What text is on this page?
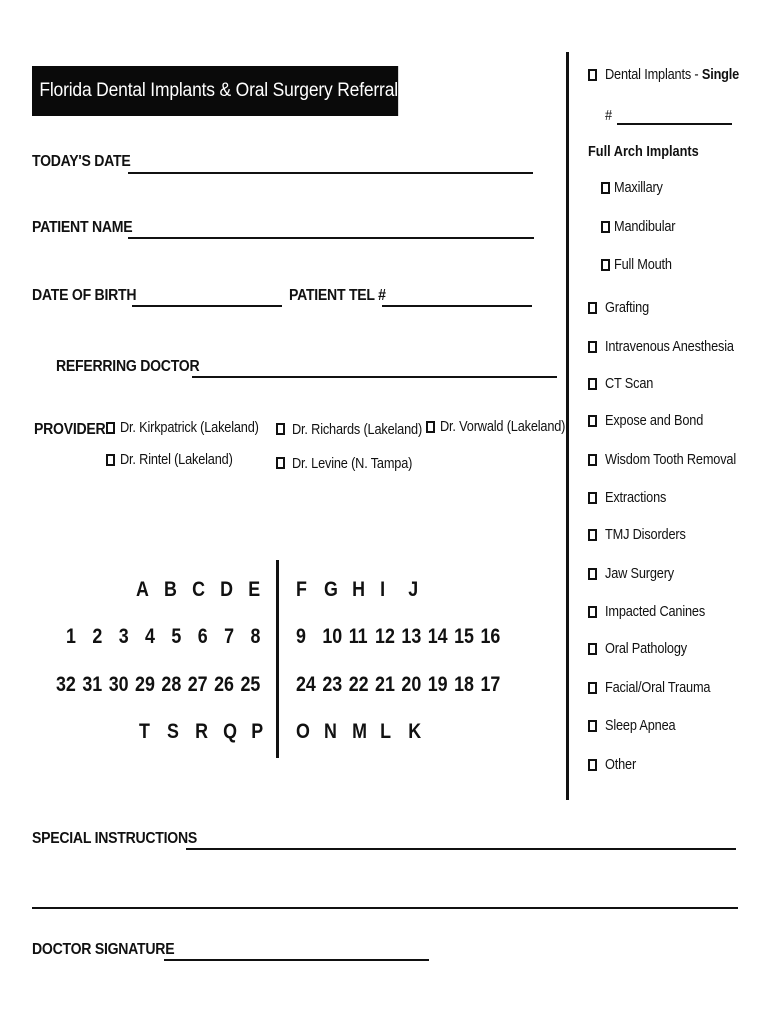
Florida Dental Implants & Oral Surgery Referral Form
TODAY'S DATE
PATIENT NAME
DATE OF BIRTH	PATIENT TEL #
REFERRING DOCTOR
PROVIDER Dr. Kirkpatrick (Lakeland) Dr. Richards (Lakeland) Dr. Vorwald (Lakeland)
Dr. Rintel (Lakeland)	Dr. Levine (N. Tampa)
A B C D E	F G H I J
1 2 3 4 5 6 7 8	9 10 11 12 13 14 15 16
32 31 30 29 28 27 26 25	24 23 22 21 20 19 18 17
T S R Q P	O N M L K
Dental Implants - Single
#
Full Arch Implants
Maxillary
Mandibular
Full Mouth
Grafting
Intravenous Anesthesia
CT Scan
Expose and Bond
Wisdom Tooth Removal
Extractions
TMJ Disorders
Jaw Surgery
Impacted Canines
Oral Pathology
Facial/Oral Trauma
Sleep Apnea
Other
SPECIAL INSTRUCTIONS
DOCTOR SIGNATURE
